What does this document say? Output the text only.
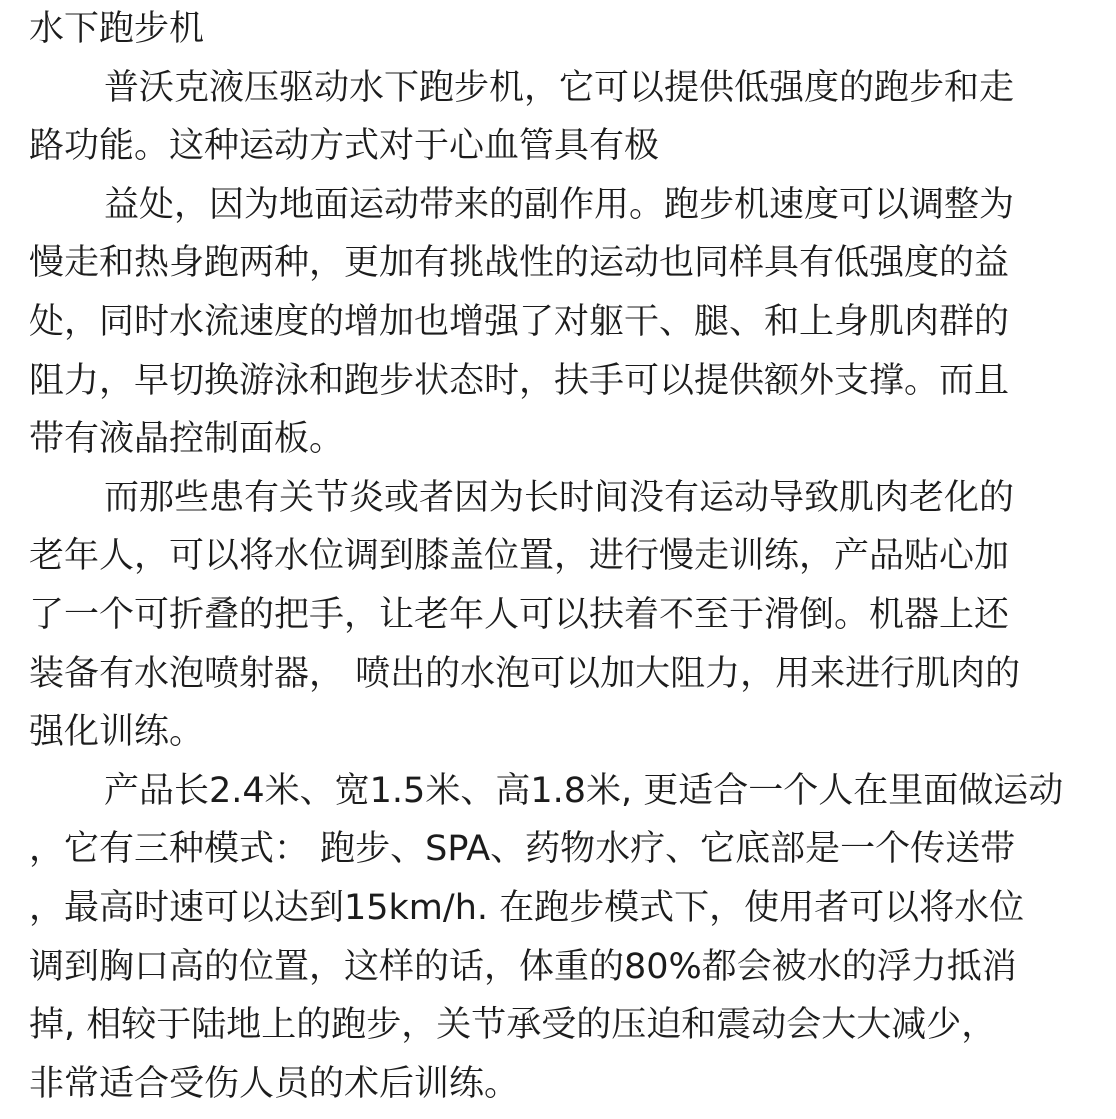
水下跑步机
普沃克液压驱动水下跑步机，它可以提供低强度的跑步和走
路功能。这种运动方式对于心血管具有极
益处，因为地面运动带来的副作用。跑步机速度可以调整为
慢走和热身跑两种，更加有挑战性的运动也同样具有低强度的益
处，同时水流速度的增加也增强了对躯干、腿、和上身肌肉群的
阻力，早切换游泳和跑步状态时，扶手可以提供额外支撑。而且
带有液晶控制面板。
而那些患有关节炎或者因为长时间没有运动导致肌肉老化的
老年人，可以将水位调到膝盖位置，进行慢走训练，产品贴心加
了一个可折叠的把手，让老年人可以扶着不至于滑倒。机器上还
装备有水泡喷射器， 喷出的水泡可以加大阻力，用来进行肌肉的
强化训练。
产品长2.4米、宽1.5米、高1.8米, 更适合一个人在里面做运动
，它有三种模式： 跑步、SPA、药物水疗、它底部是一个传送带
，最高时速可以达到15km/h. 在跑步模式下，使用者可以将水位
调到胸口高的位置，这样的话，体重的80%都会被水的浮力抵消
掉, 相较于陆地上的跑步，关节承受的压迫和震动会大大减少，
非常适合受伤人员的术后训练。
